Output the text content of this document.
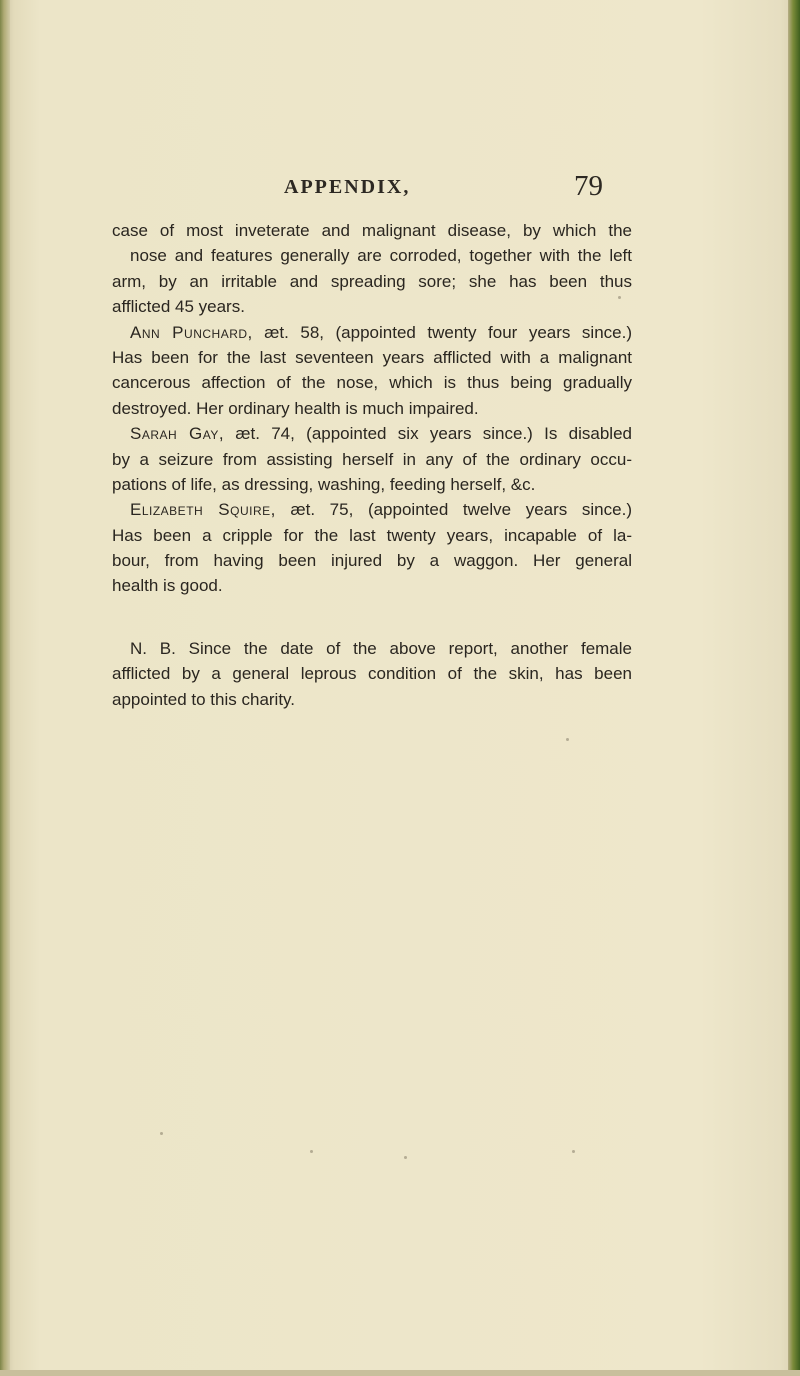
APPENDIX,	79
case of most inveterate and malignant disease, by which the
nose and features generally are corroded, together with the left
arm, by an irritable and spreading sore; she has been thus
afflicted 45 years.
Ann Punchard, æt. 58, (appointed twenty four years since.)
Has been for the last seventeen years afflicted with a malignant
cancerous affection of the nose, which is thus being gradually
destroyed. Her ordinary health is much impaired.
Sarah Gay, æt. 74, (appointed six years since.) Is disabled
by a seizure from assisting herself in any of the ordinary occu-
pations of life, as dressing, washing, feeding herself, &c.
Elizabeth Squire, æt. 75, (appointed twelve years since.)
Has been a cripple for the last twenty years, incapable of la-
bour, from having been injured by a waggon. Her general
health is good.
N. B. Since the date of the above report, another female
afflicted by a general leprous condition of the skin, has been
appointed to this charity.
